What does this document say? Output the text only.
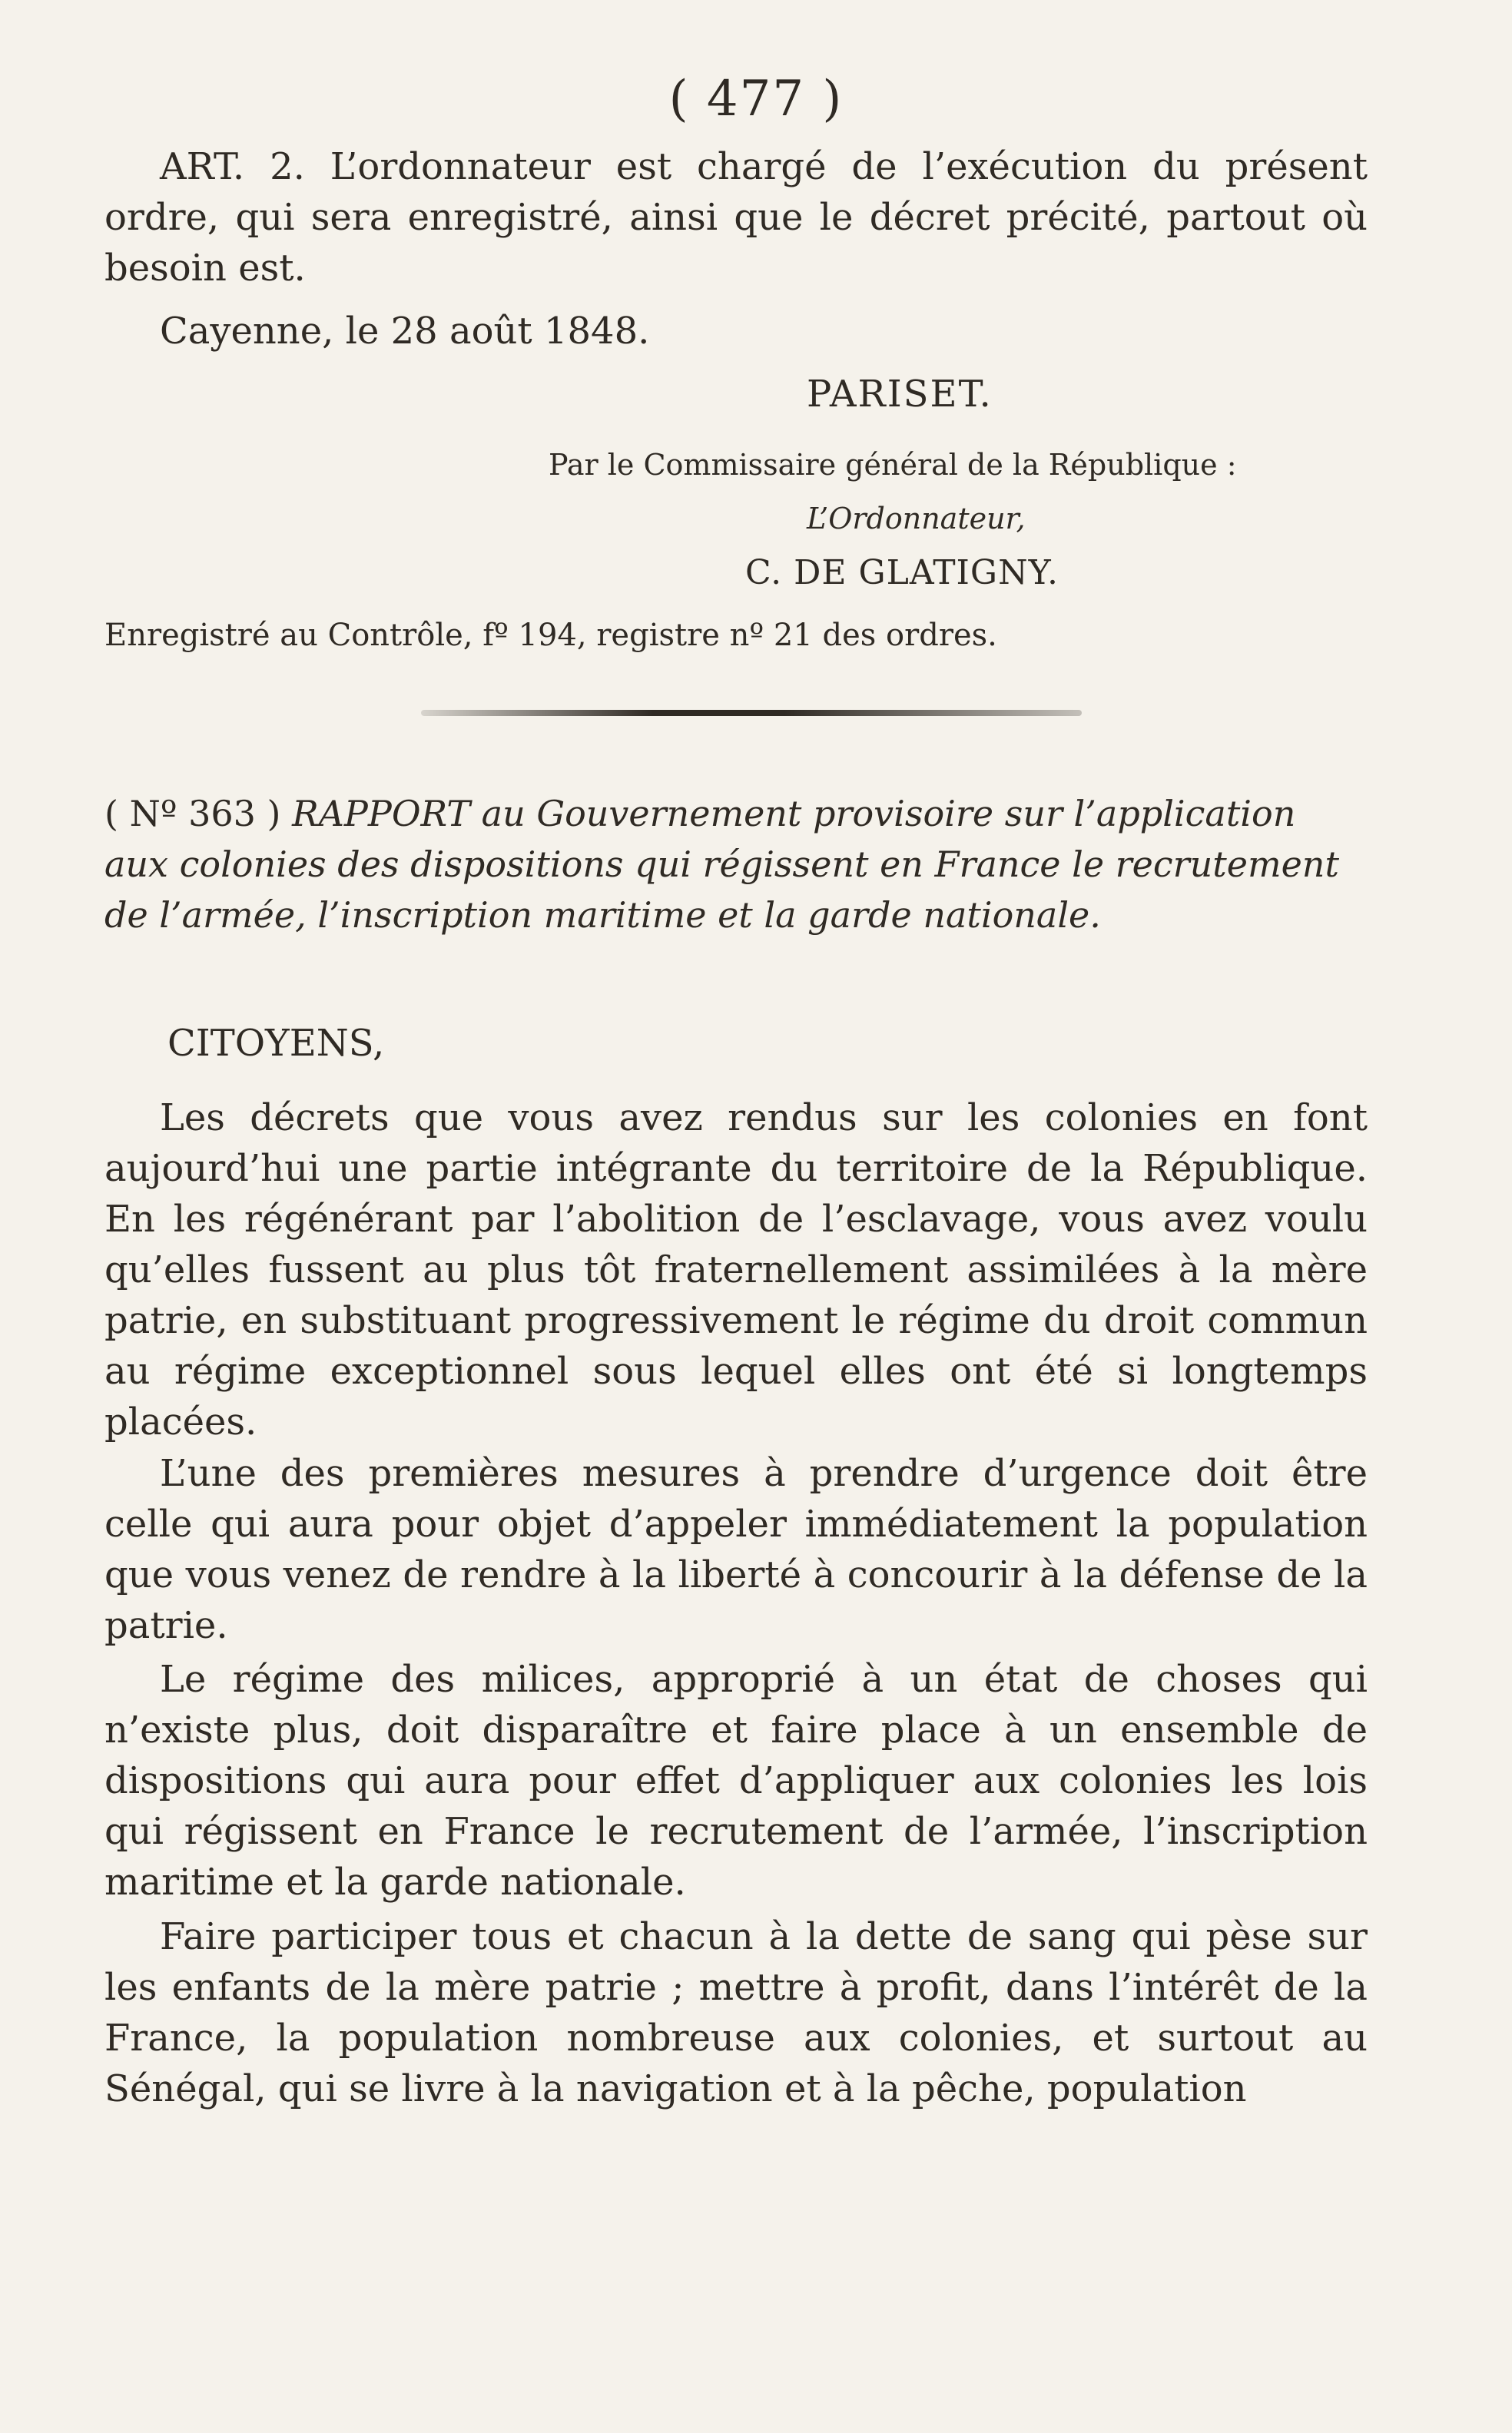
( 477 )
ART. 2. L’ordonnateur est chargé de l’exécution du présent ordre, qui sera enregistré, ainsi que le décret précité, partout où besoin est.
Cayenne, le 28 août 1848.
PARISET.
Par le Commissaire général de la République :
L’Ordonnateur,
C. DE GLATIGNY.
Enregistré au Contrôle, fº 194, registre nº 21 des ordres.
( Nº 363 ) RAPPORT au Gouvernement provisoire sur l’application aux colonies des dispositions qui régissent en France le recrutement de l’armée, l’inscription maritime et la garde nationale.
CITOYENS,
Les décrets que vous avez rendus sur les colonies en font aujourd’hui une partie intégrante du territoire de la République. En les régénérant par l’abolition de l’esclavage, vous avez voulu qu’elles fussent au plus tôt fraternellement assimilées à la mère patrie, en substituant progressivement le régime du droit commun au régime exceptionnel sous lequel elles ont été si longtemps placées.
L’une des premières mesures à prendre d’urgence doit être celle qui aura pour objet d’appeler immédiatement la population que vous venez de rendre à la liberté à concourir à la défense de la patrie.
Le régime des milices, approprié à un état de choses qui n’existe plus, doit disparaître et faire place à un ensemble de dispositions qui aura pour effet d’appliquer aux colonies les lois qui régissent en France le recrutement de l’armée, l’inscription maritime et la garde nationale.
Faire participer tous et chacun à la dette de sang qui pèse sur les enfants de la mère patrie ; mettre à profit, dans l’intérêt de la France, la population nombreuse aux colonies, et surtout au Sénégal, qui se livre à la navigation et à la pêche, population
